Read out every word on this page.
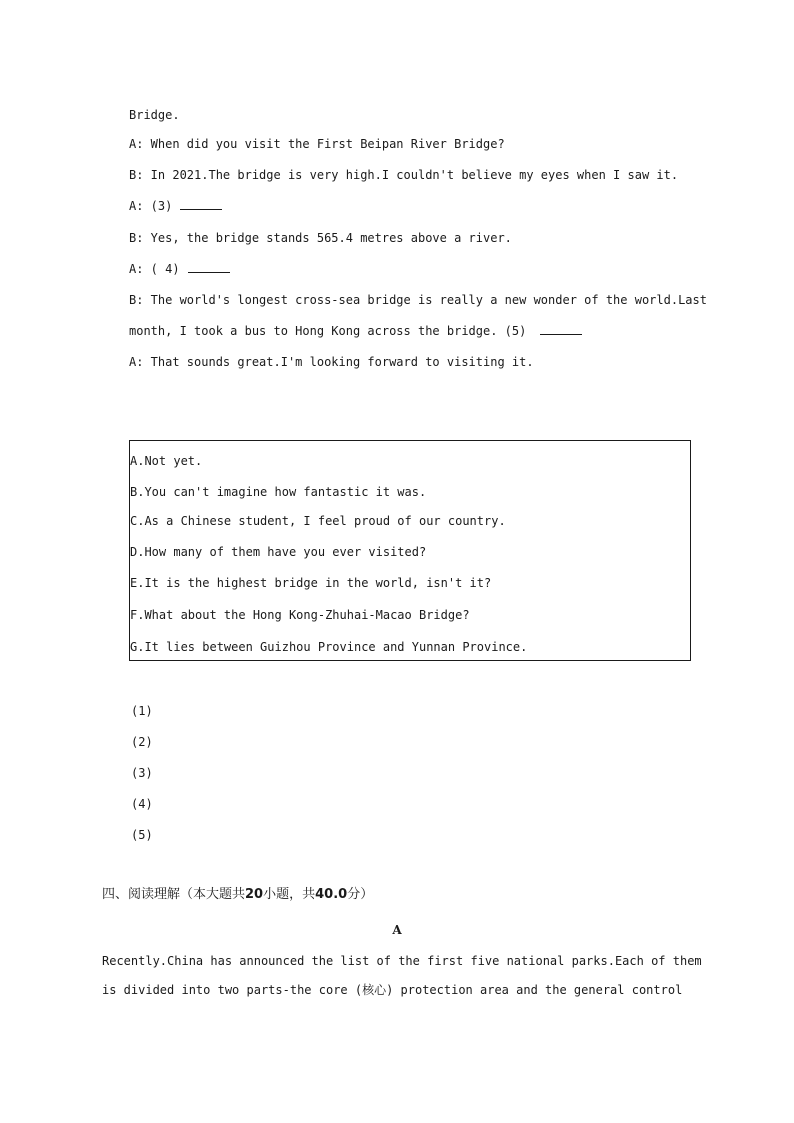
Bridge.
A: When did you visit the First Beipan River Bridge?
B: In 2021.The bridge is very high.I couldn't believe my eyes when I saw it.
A: (3)
B: Yes, the bridge stands 565.4 metres above a river.
A: ( 4)
B: The world's longest cross-sea bridge is really a new wonder of the world.Last
month, I took a bus to Hong Kong across the bridge. (5)
A: That sounds great.I'm looking forward to visiting it.
A.Not yet.
B.You can't imagine how fantastic it was.
C.As a Chinese student, I feel proud of our country.
D.How many of them have you ever visited?
E.It is the highest bridge in the world, isn't it?
F.What about the Hong Kong-Zhuhai-Macao Bridge?
G.It lies between Guizhou Province and Yunnan Province.
(1)
(2)
(3)
(4)
(5)
四、阅读理解（本大题共20小题，共40.0分）
A
Recently.China has announced the list of the first five national parks.Each of them
is divided into two parts-the core (核心) protection area and the general control
